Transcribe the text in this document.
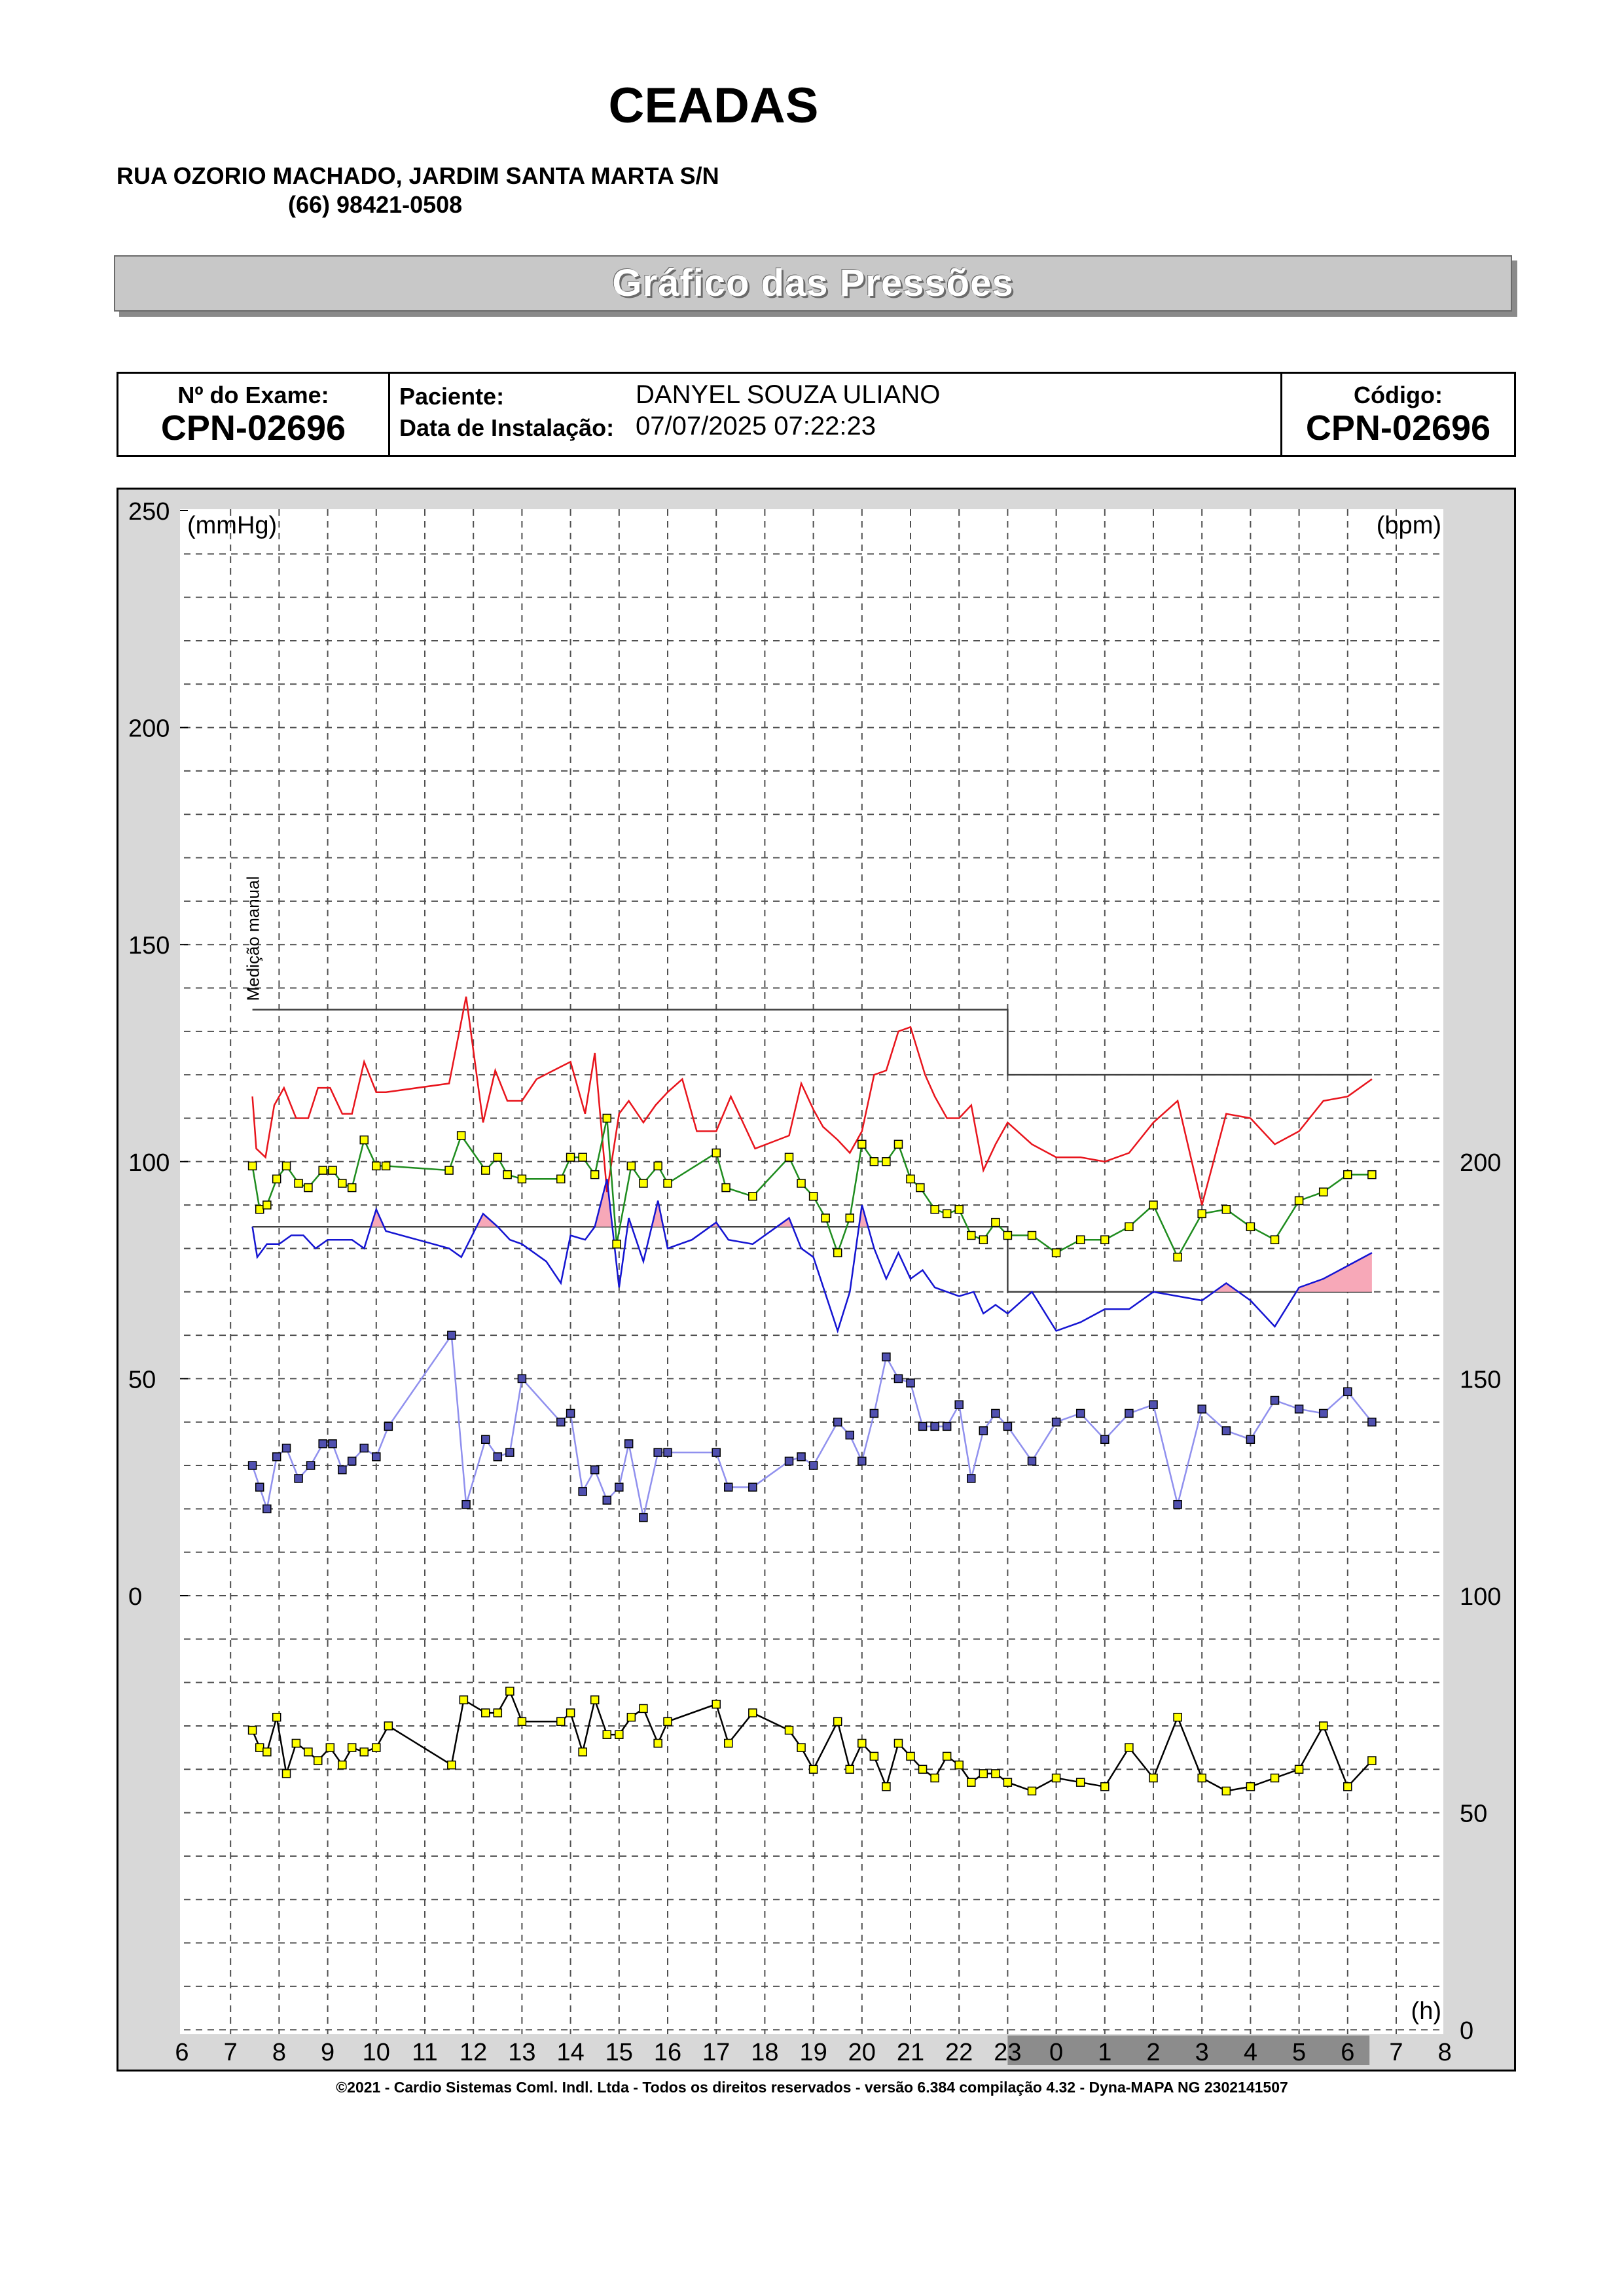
CEADAS
RUA OZORIO MACHADO, JARDIM SANTA MARTA S/N
(66) 98421-0508
Gráfico das Pressões
Nº do Exame:
CPN-02696
Paciente:	DANYEL SOUZA ULIANO
Data de Instalação: 07/07/2025 07:22:23
Código:
CPN-02696
250
200
150
100
50
0
200
150
100
50
0
6 7 8 9 10 11 12 13 14 15 16 17 18 19 20 21 22 23 0 1 2 3 4 5 6 7 8
(mmHg)	(bpm)
(h)
Medição manual
©2021 - Cardio Sistemas Coml. Indl. Ltda - Todos os direitos reservados - versão 6.384 compilação 4.32 - Dyna-MAPA NG 2302141507
